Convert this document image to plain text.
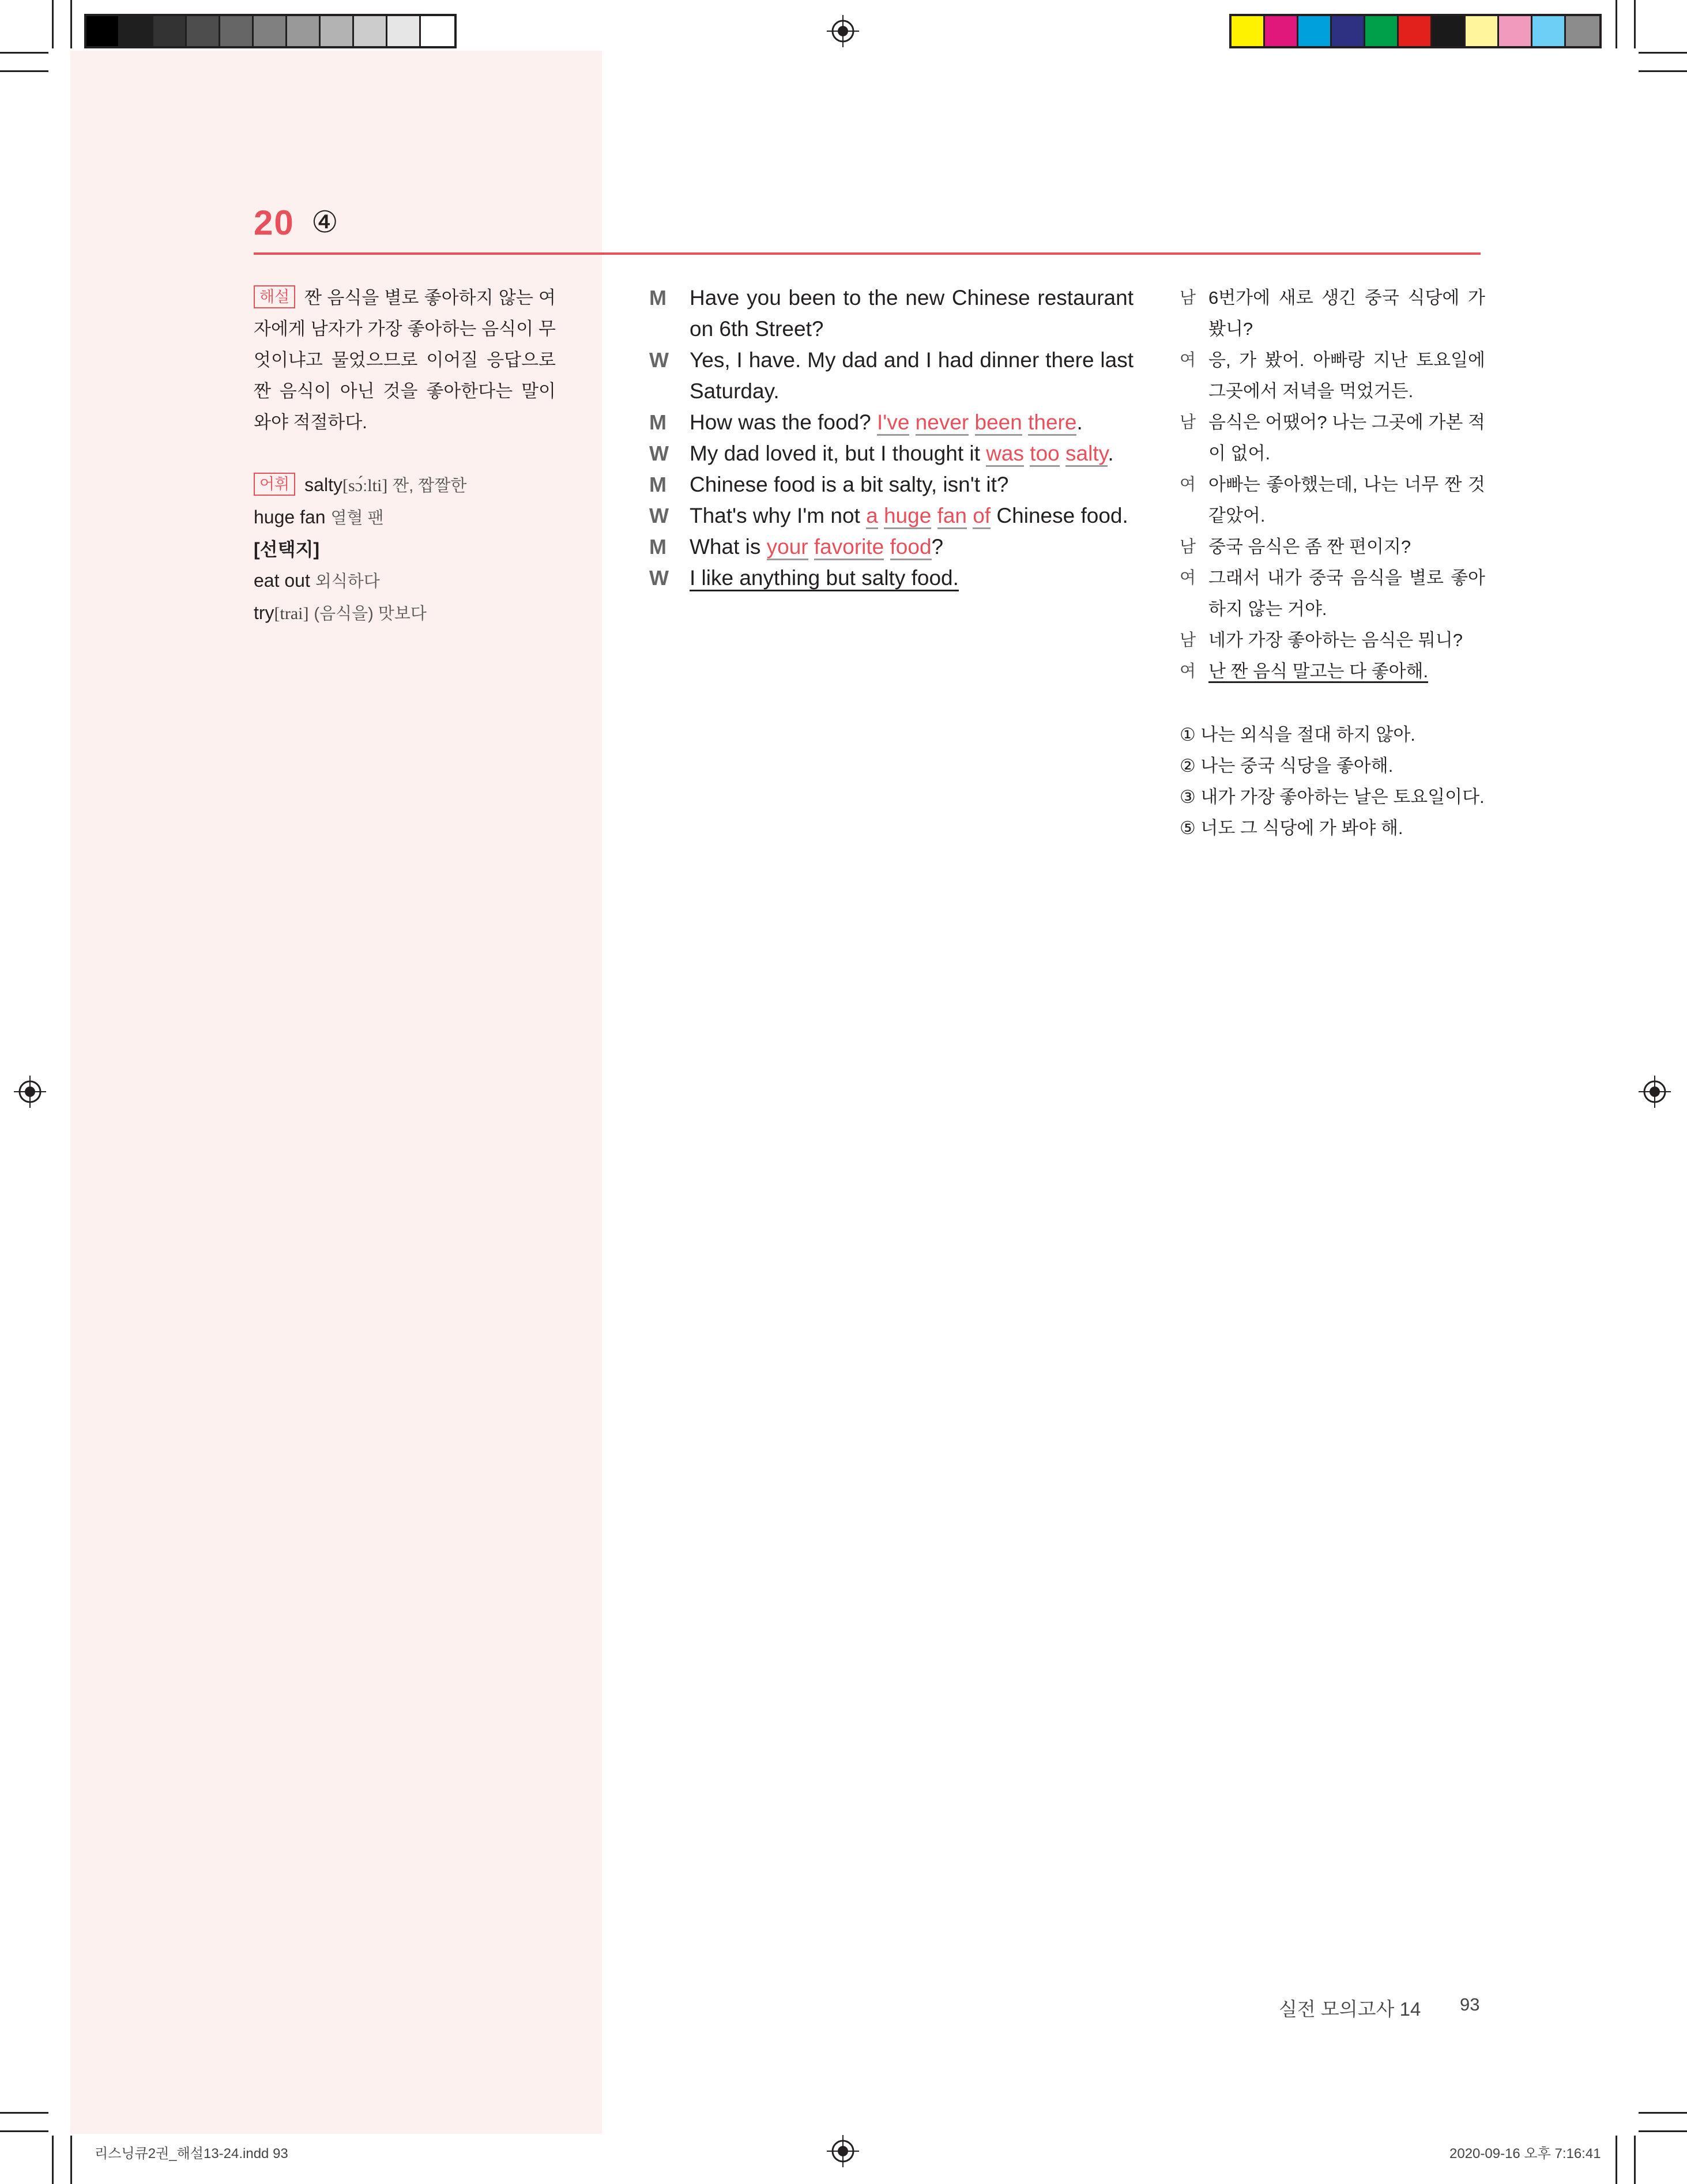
20 ④
해설 짠 음식을 별로 좋아하지 않는 여자에게 남자가 가장 좋아하는 음식이 무엇이냐고 물었으므로 이어질 응답으로 짠 음식이 아닌 것을 좋아한다는 말이 와야 적절하다.
어휘 salty[sɔ́ːlti] 짠, 짭짤한
huge fan 열혈 팬
[선택지]
eat out 외식하다
try[trai] (음식을) 맛보다
M	Have you been to the new Chinese restaurant on 6th Street?
W Yes, I have. My dad and I had dinner there last Saturday.
M	How was the food? I've never been there.
W My dad loved it, but I thought it was too salty.
M	Chinese food is a bit salty, isn't it?
W That's why I'm not a huge fan of Chinese food.
M	What is your favorite food?
W I like anything but salty food.
남 6번가에 새로 생긴 중국 식당에 가 봤니?
여 응, 가 봤어. 아빠랑 지난 토요일에 그곳에서 저녁을 먹었거든.
남 음식은 어땠어? 나는 그곳에 가본 적이 없어.
여 아빠는 좋아했는데, 나는 너무 짠 것 같았어.
남 중국 음식은 좀 짠 편이지?
여 그래서 내가 중국 음식을 별로 좋아하지 않는 거야.
남 네가 가장 좋아하는 음식은 뭐니?
여 난 짠 음식 말고는 다 좋아해.
① 나는 외식을 절대 하지 않아.
② 나는 중국 식당을 좋아해.
③ 내가 가장 좋아하는 날은 토요일이다.
⑤ 너도 그 식당에 가 봐야 해.
실전 모의고사 14 93
리스닝큐2권_해설13-24.indd 93	2020-09-16 오후 7:16:41
